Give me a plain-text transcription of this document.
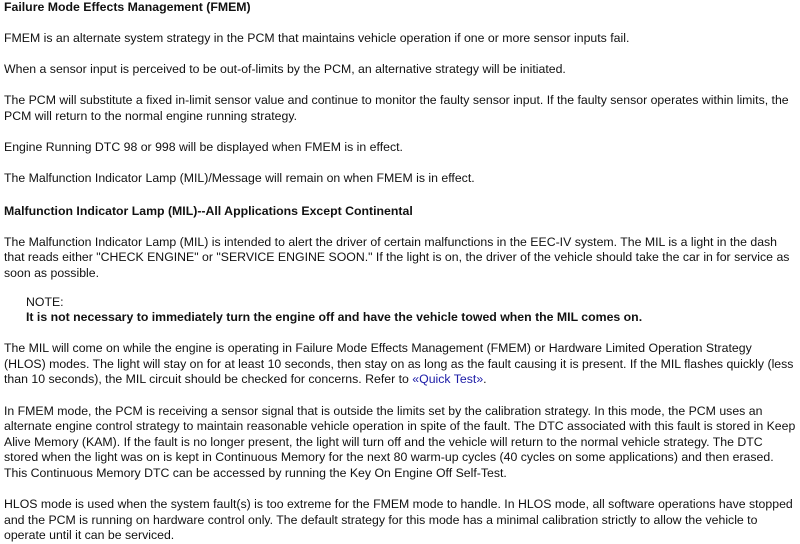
Failure Mode Effects Management (FMEM)

FMEM is an alternate system strategy in the PCM that maintains vehicle operation if one or more sensor inputs fail.

When a sensor input is perceived to be out-of-limits by the PCM, an alternative strategy will be initiated.

The PCM will substitute a fixed in-limit sensor value and continue to monitor the faulty sensor input. If the faulty sensor operates within limits, the PCM will return to the normal engine running strategy.

Engine Running DTC 98 or 998 will be displayed when FMEM is in effect.

The Malfunction Indicator Lamp (MIL)/Message will remain on when FMEM is in effect.

Malfunction Indicator Lamp (MIL)--All Applications Except Continental

The Malfunction Indicator Lamp (MIL) is intended to alert the driver of certain malfunctions in the EEC-IV system. The MIL is a light in the dash that reads either "CHECK ENGINE" or "SERVICE ENGINE SOON." If the light is on, the driver of the vehicle should take the car in for service as soon as possible.

NOTE:
It is not necessary to immediately turn the engine off and have the vehicle towed when the MIL comes on.

The MIL will come on while the engine is operating in Failure Mode Effects Management (FMEM) or Hardware Limited Operation Strategy (HLOS) modes. The light will stay on for at least 10 seconds, then stay on as long as the fault causing it is present. If the MIL flashes quickly (less than 10 seconds), the MIL circuit should be checked for concerns. Refer to «Quick Test».

In FMEM mode, the PCM is receiving a sensor signal that is outside the limits set by the calibration strategy. In this mode, the PCM uses an alternate engine control strategy to maintain reasonable vehicle operation in spite of the fault. The DTC associated with this fault is stored in Keep Alive Memory (KAM). If the fault is no longer present, the light will turn off and the vehicle will return to the normal vehicle strategy. The DTC stored when the light was on is kept in Continuous Memory for the next 80 warm-up cycles (40 cycles on some applications) and then erased. This Continuous Memory DTC can be accessed by running the Key On Engine Off Self-Test.

HLOS mode is used when the system fault(s) is too extreme for the FMEM mode to handle. In HLOS mode, all software operations have stopped and the PCM is running on hardware control only. The default strategy for this mode has a minimal calibration strictly to allow the vehicle to operate until it can be serviced.
